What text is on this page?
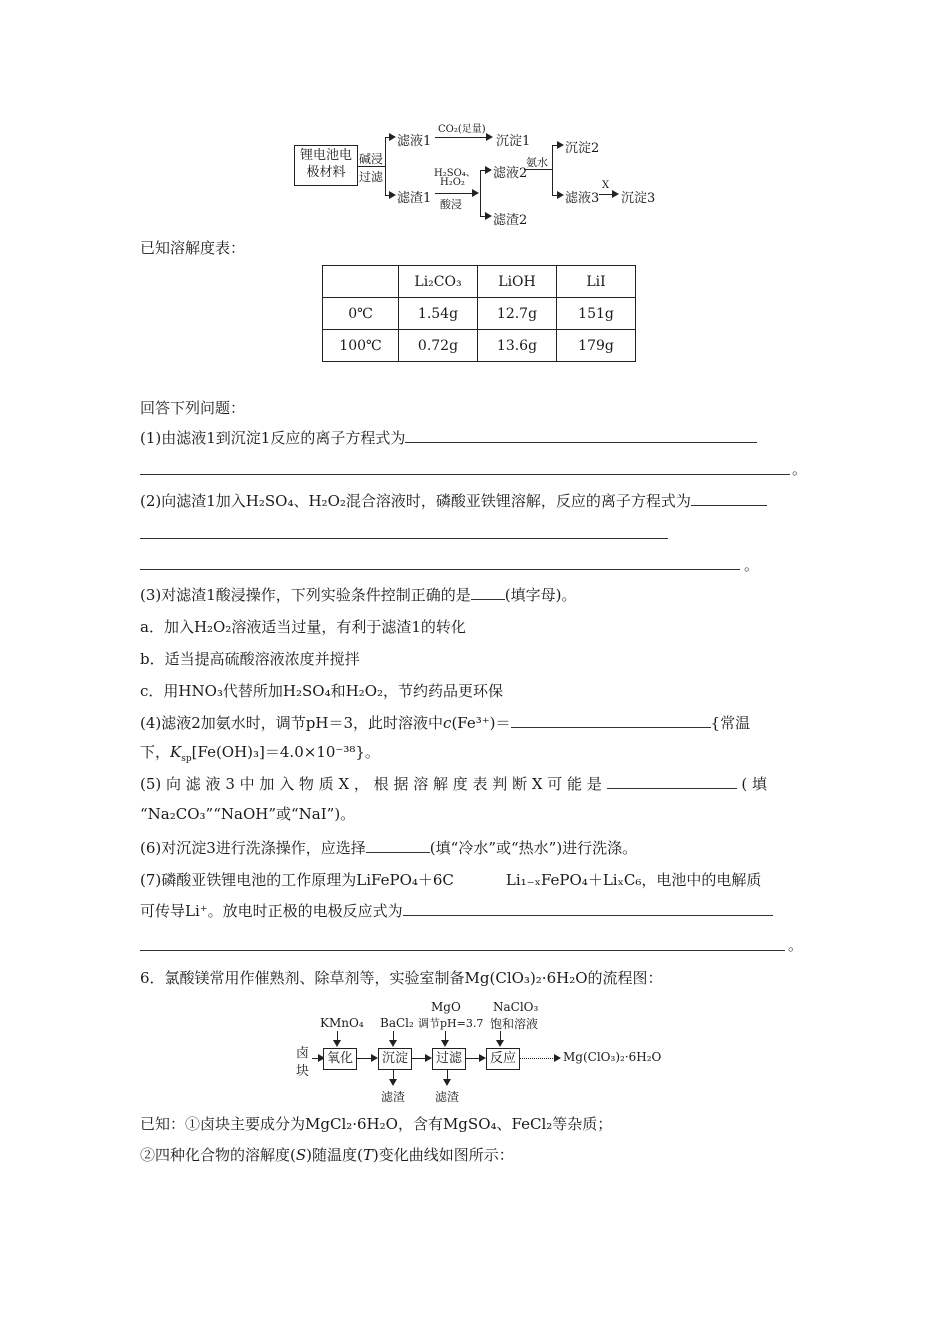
锂电池电
极材料
碱浸
过滤
滤液1
CO₂(足量)
沉淀1
滤渣1
H₂SO₄、
H₂O₂
酸浸
滤液2
氨水
沉淀2
滤液3
X
沉淀3
滤渣2
已知溶解度表：
	Li₂CO₃	LiOH	LiI
0℃	1.54g	12.7g	151g
100℃	0.72g	13.6g	179g
回答下列问题：
(1)由滤液1到沉淀1反应的离子方程式为
。
(2)向滤渣1加入H₂SO₄、H₂O₂混合溶液时，磷酸亚铁锂溶解，反应的离子方程式为
。
(3)对滤渣1酸浸操作，下列实验条件控制正确的是 (填字母)。
a．加入H₂O₂溶液适当过量，有利于滤渣1的转化
b．适当提高硫酸溶液浓度并搅拌
c．用HNO₃代替所加H₂SO₄和H₂O₂，节约药品更环保
(4)滤液2加氨水时，调节pH＝3，此时溶液中c(Fe³⁺)＝	{常温
下，$K_{sp}[Fe(OH)_3]=4.0\times 10^{-38}$}。
(5) 向 滤 液 3 中 加 入 物 质 X ， 根 据 溶 解 度 表 判 断 X 可 能 是	( 填
“Na₂CO₃”“NaOH”或“NaI”)。
(6)对沉淀3进行洗涤操作，应选择	(填“冷水”或“热水”)进行洗涤。
(7)磷酸亚铁锂电池的工作原理为LiFePO₄＋6C	Li₁₋ₓFePO₄＋LiₓC₆，电池中的电解质
可传导Li⁺。放电时正极的电极反应式为
。
6．氯酸镁常用作催熟剂、除草剂等，实验室制备Mg(ClO₃)₂·6H₂O的流程图：
KMnO₄ BaCl₂
MgO
调节pH=3.7
NaClO₃
饱和溶液
卤
块
氧化	沉淀	过滤	反应	Mg(ClO₃)₂·6H₂O
滤渣 滤渣
已知：①卤块主要成分为MgCl₂·6H₂O，含有MgSO₄、FeCl₂等杂质；
②四种化合物的溶解度(S)随温度(T)变化曲线如图所示：
